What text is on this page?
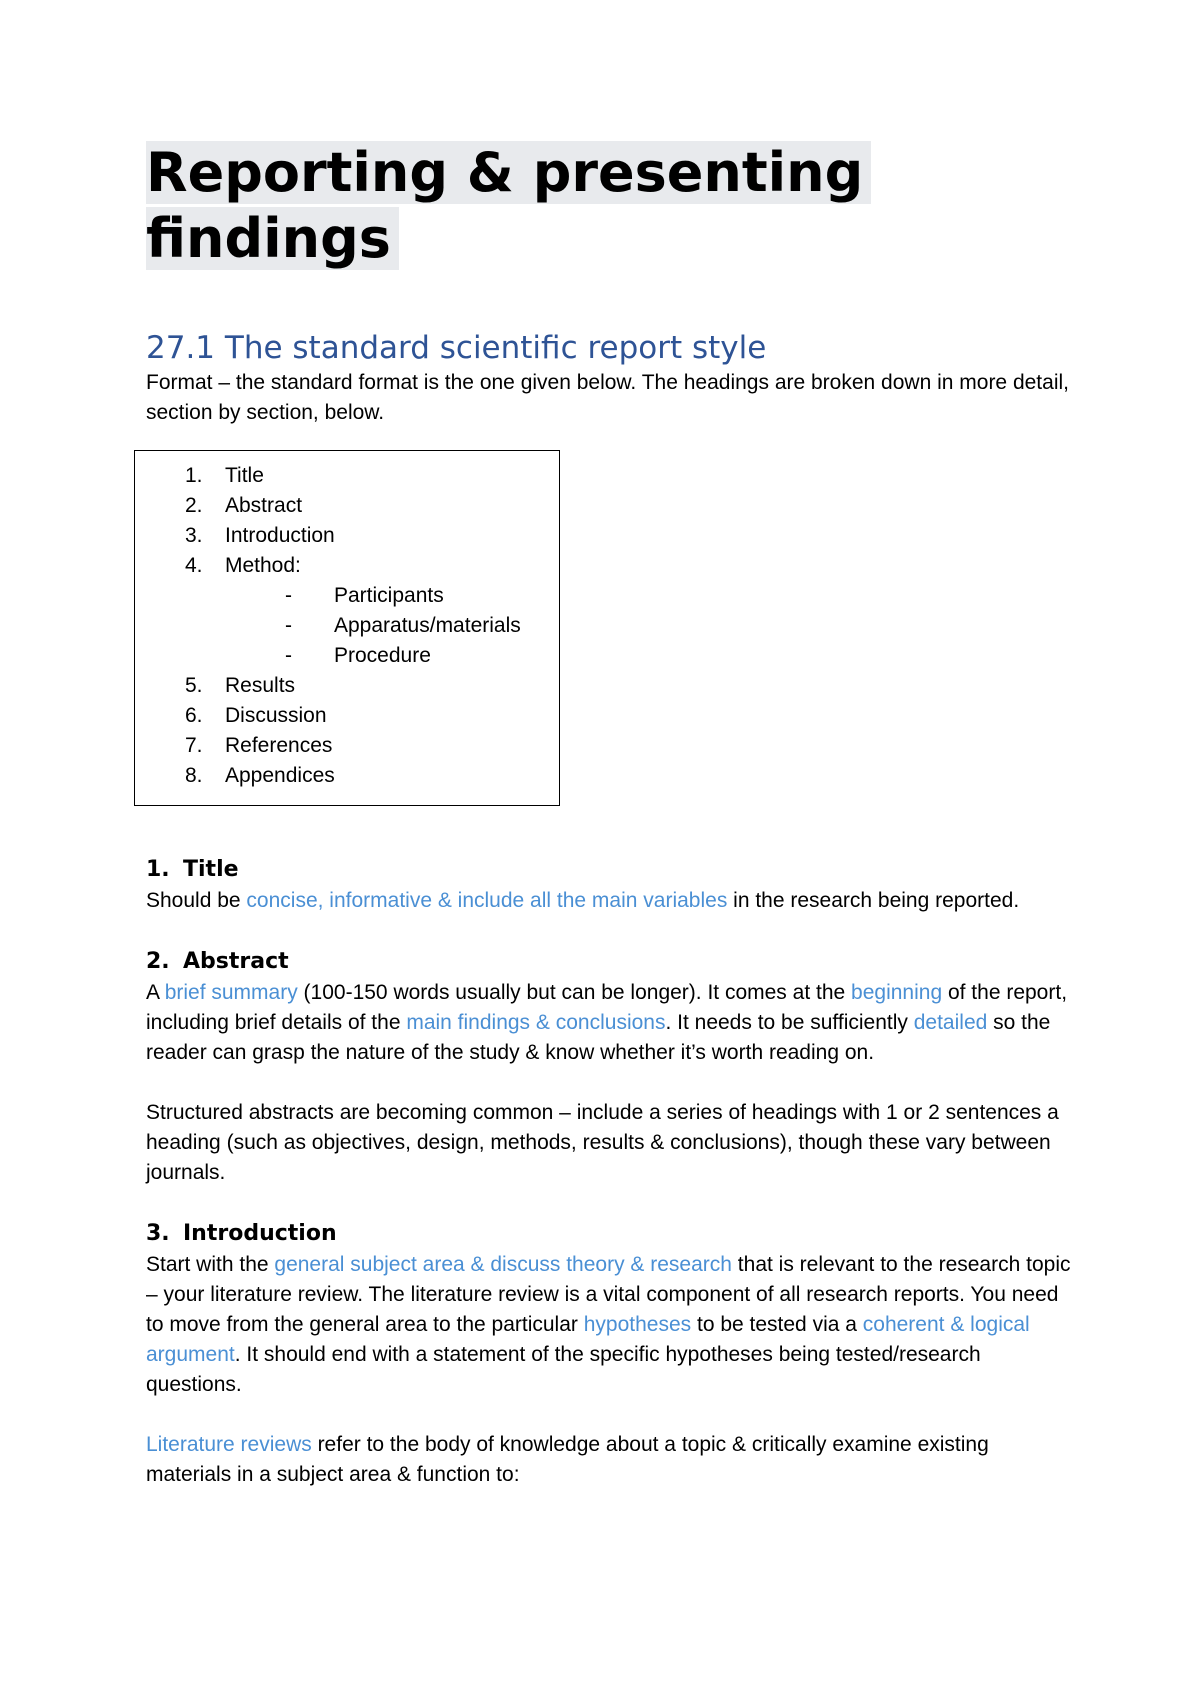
Reporting & presenting
findings
27.1 The standard scientific report style

Format – the standard format is the one given below. The headings are broken down in more detail, section by section, below.

1. Title
2. Abstract
3. Introduction
4. Method:
- Participants
- Apparatus/materials
- Procedure
5. Results
6. Discussion
7. References
8. Appendices
1. Title

Should be concise, informative & include all the main variables in the research being reported.

2. Abstract

A brief summary (100-150 words usually but can be longer). It comes at the beginning of the report, including brief details of the main findings & conclusions. It needs to be sufficiently detailed so the reader can grasp the nature of the study & know whether it’s worth reading on.

Structured abstracts are becoming common – include a series of headings with 1 or 2 sentences a heading (such as objectives, design, methods, results & conclusions), though these vary between journals.

3. Introduction

Start with the general subject area & discuss theory & research that is relevant to the research topic – your literature review. The literature review is a vital component of all research reports. You need to move from the general area to the particular hypotheses to be tested via a coherent & logical argument. It should end with a statement of the specific hypotheses being tested/research questions.

Literature reviews refer to the body of knowledge about a topic & critically examine existing materials in a subject area & function to:
